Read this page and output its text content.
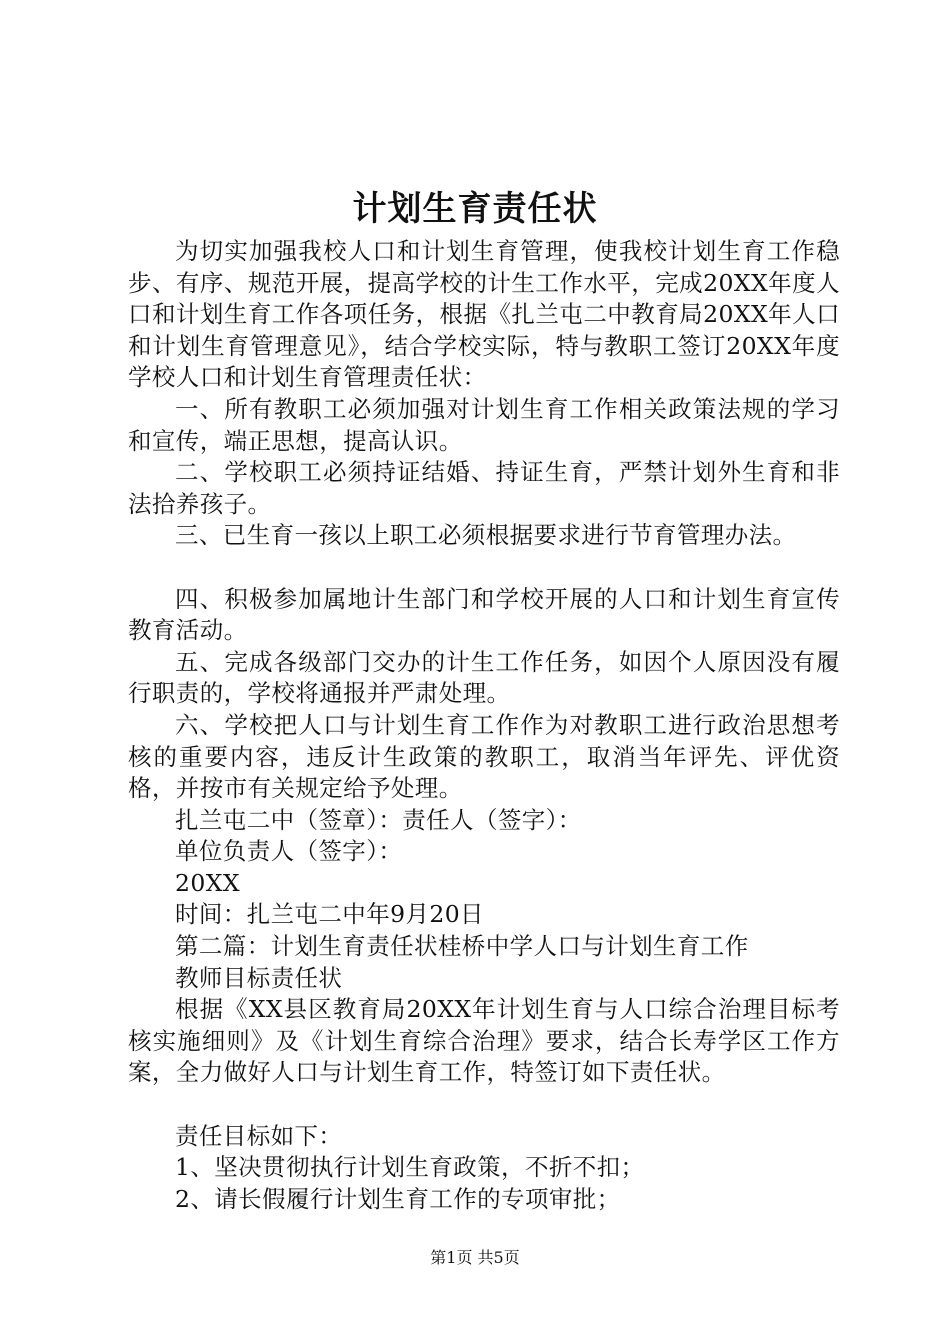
计划生育责任状

为切实加强我校人口和计划生育管理，使我校计划生育工作稳步、有序、规范开展，提高学校的计生工作水平，完成20XX年度人口和计划生育工作各项任务，根据《扎兰屯二中教育局20XX年人口和计划生育管理意见》，结合学校实际，特与教职工签订20XX年度学校人口和计划生育管理责任状：

一、所有教职工必须加强对计划生育工作相关政策法规的学习和宣传，端正思想，提高认识。

二、学校职工必须持证结婚、持证生育，严禁计划外生育和非法拾养孩子。

三、已生育一孩以上职工必须根据要求进行节育管理办法。

四、积极参加属地计生部门和学校开展的人口和计划生育宣传教育活动。

五、完成各级部门交办的计生工作任务，如因个人原因没有履行职责的，学校将通报并严肃处理。

六、学校把人口与计划生育工作作为对教职工进行政治思想考核的重要内容，违反计生政策的教职工，取消当年评先、评优资格，并按市有关规定给予处理。

扎兰屯二中（签章）：责任人（签字）：

单位负责人（签字）：

20XX

时间：扎兰屯二中年9月20日

第二篇：计划生育责任状桂桥中学人口与计划生育工作

教师目标责任状

根据《XX县区教育局20XX年计划生育与人口综合治理目标考核实施细则》及《计划生育综合治理》要求，结合长寿学区工作方案，全力做好人口与计划生育工作，特签订如下责任状。

责任目标如下：

1、坚决贯彻执行计划生育政策，不折不扣；

2、请长假履行计划生育工作的专项审批；

第1页 共5页
